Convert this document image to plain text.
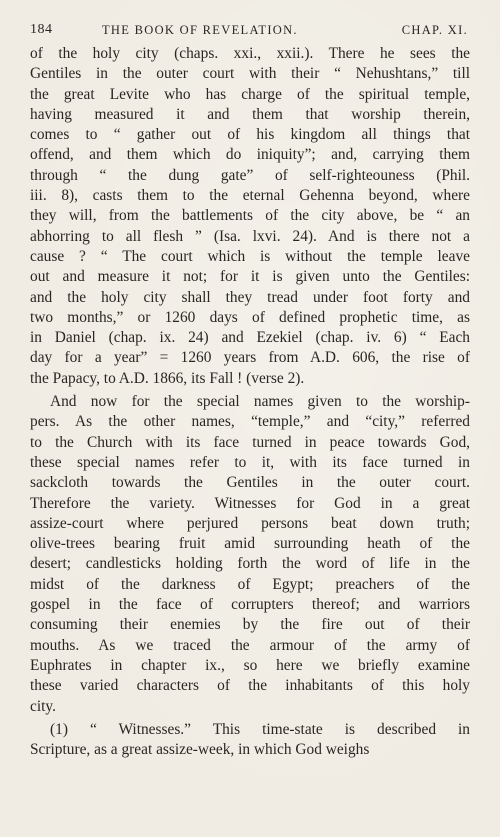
184	THE BOOK OF REVELATION.	CHAP. XI.
of the holy city (chaps. xxi., xxii.). There he sees the
Gentiles in the outer court with their “ Nehushtans,” till
the great Levite who has charge of the spiritual temple,
having measured it and them that worship therein,
comes to “ gather out of his kingdom all things that
offend, and them which do iniquity”; and, carrying them
through “ the dung gate” of self-righteouness (Phil.
iii. 8), casts them to the eternal Gehenna beyond, where
they will, from the battlements of the city above, be “ an
abhorring to all flesh ” (Isa. lxvi. 24). And is there not a
cause ? “ The court which is without the temple leave
out and measure it not; for it is given unto the Gentiles:
and the holy city shall they tread under foot forty and
two months,” or 1260 days of defined prophetic time, as
in Daniel (chap. ix. 24) and Ezekiel (chap. iv. 6) “ Each
day for a year” = 1260 years from A.D. 606, the rise of
the Papacy, to A.D. 1866, its Fall ! (verse 2).
And now for the special names given to the worship-
pers. As the other names, “temple,” and “city,” referred
to the Church with its face turned in peace towards God,
these special names refer to it, with its face turned in
sackcloth towards the Gentiles in the outer court.
Therefore the variety. Witnesses for God in a great
assize-court where perjured persons beat down truth;
olive-trees bearing fruit amid surrounding heath of the
desert; candlesticks holding forth the word of life in the
midst of the darkness of Egypt; preachers of the
gospel in the face of corrupters thereof; and warriors
consuming their enemies by the fire out of their
mouths. As we traced the armour of the army of
Euphrates in chapter ix., so here we briefly examine
these varied characters of the inhabitants of this holy
city.
(1) “ Witnesses.” This time-state is described in
Scripture, as a great assize-week, in which God weighs
